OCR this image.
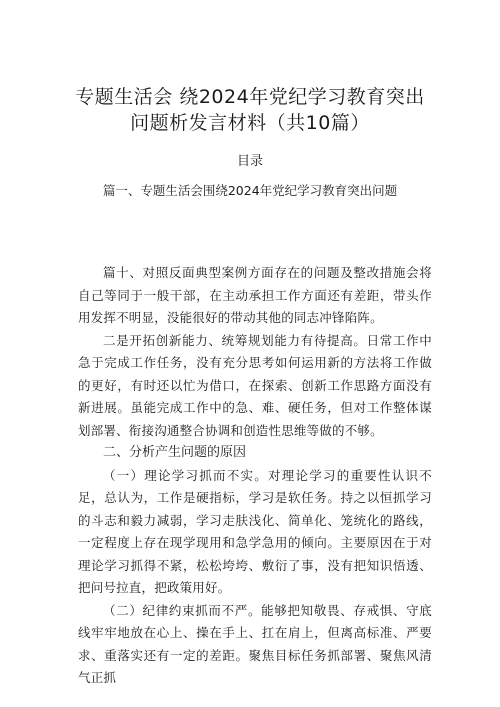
专题生活会 绕2024年党纪学习教育突出
问题析发言材料（共10篇）
目录
篇一、专题生活会围绕2024年党纪学习教育突出问题

篇十、对照反面典型案例方面存在的问题及整改措施会将自己等同于一般干部，在主动承担工作方面还有差距，带头作用发挥不明显，没能很好的带动其他的同志冲锋陷阵。

二是开拓创新能力、统筹规划能力有待提高。日常工作中急于完成工作任务，没有充分思考如何运用新的方法将工作做的更好，有时还以忙为借口，在探索、创新工作思路方面没有新进展。虽能完成工作中的急、难、硬任务，但对工作整体谋划部署、衔接沟通整合协调和创造性思维等做的不够。

二、分析产生问题的原因

（一）理论学习抓而不实。对理论学习的重要性认识不足，总认为，工作是硬指标，学习是软任务。持之以恒抓学习的斗志和毅力减弱，学习走肤浅化、简单化、笼统化的路线，一定程度上存在现学现用和急学急用的倾向。主要原因在于对理论学习抓得不紧，松松垮垮、敷衍了事，没有把知识悟透、把问号拉直，把政策用好。

（二）纪律约束抓而不严。能够把知敬畏、存戒惧、守底线牢牢地放在心上、操在手上、扛在肩上，但离高标准、严要求、重落实还有一定的差距。聚焦目标任务抓部署、聚焦风清气正抓
